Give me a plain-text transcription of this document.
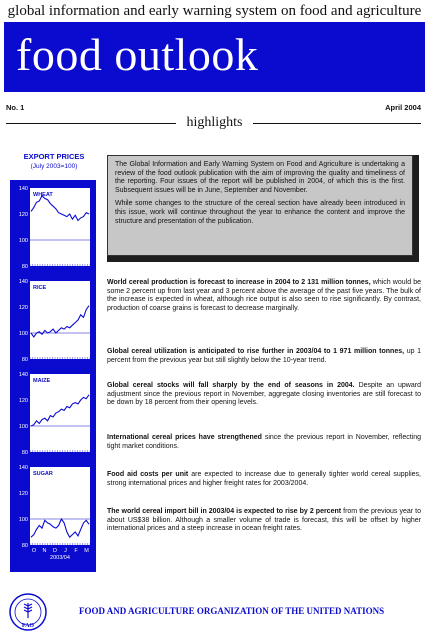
global information and early warning system on food and agriculture
food outlook
No. 1	April 2004
highlights
EXPORT PRICES
(July 2003=100)
80
100
120
140
WHEAT
80
100
120
140
RICE
80
100
120
140
MAIZE
80
100
120
140
SUGAR
O N D J F M
2003/04

The Global Information and Early Warning System on Food and Agriculture is undertaking a review of the food outlook publication with the aim of improving the quality and timeliness of the reporting. Four issues of the report will be published in 2004, of which this is the first. Subsequent issues will be in June, September and November.

While some changes to the structure of the cereal section have already been introduced in this issue, work will continue throughout the year to enhance the content and improve the structure and presentation of the publication.

World cereal production is forecast to increase in 2004 to 2 131 million tonnes, which would be some 2 percent up from last year and 3 percent above the average of the past five years. The bulk of the increase is expected in wheat, although rice output is also seen to rise significantly. By contrast, production of coarse grains is forecast to decrease marginally.
Global cereal utilization is anticipated to rise further in 2003/04 to 1 971 million tonnes, up 1 percent from the previous year but still slightly below the 10-year trend.
Global cereal stocks will fall sharply by the end of seasons in 2004. Despite an upward adjustment since the previous report in November, aggregate closing inventories are still forecast to be down by 18 percent from their opening levels.
International cereal prices have strengthened since the previous report in November, reflecting tight market conditions.
Food aid costs per unit are expected to increase due to generally tighter world cereal supplies, strong international prices and higher freight rates for 2003/2004.
The world cereal import bill in 2003/04 is expected to rise by 2 percent from the previous year to about US$38 billion. Although a smaller volume of trade is forecast, this will be offset by higher international prices and a steep increase in ocean freight rates.
FAO
FOOD AND AGRICULTURE ORGANIZATION OF THE UNITED NATIONS
